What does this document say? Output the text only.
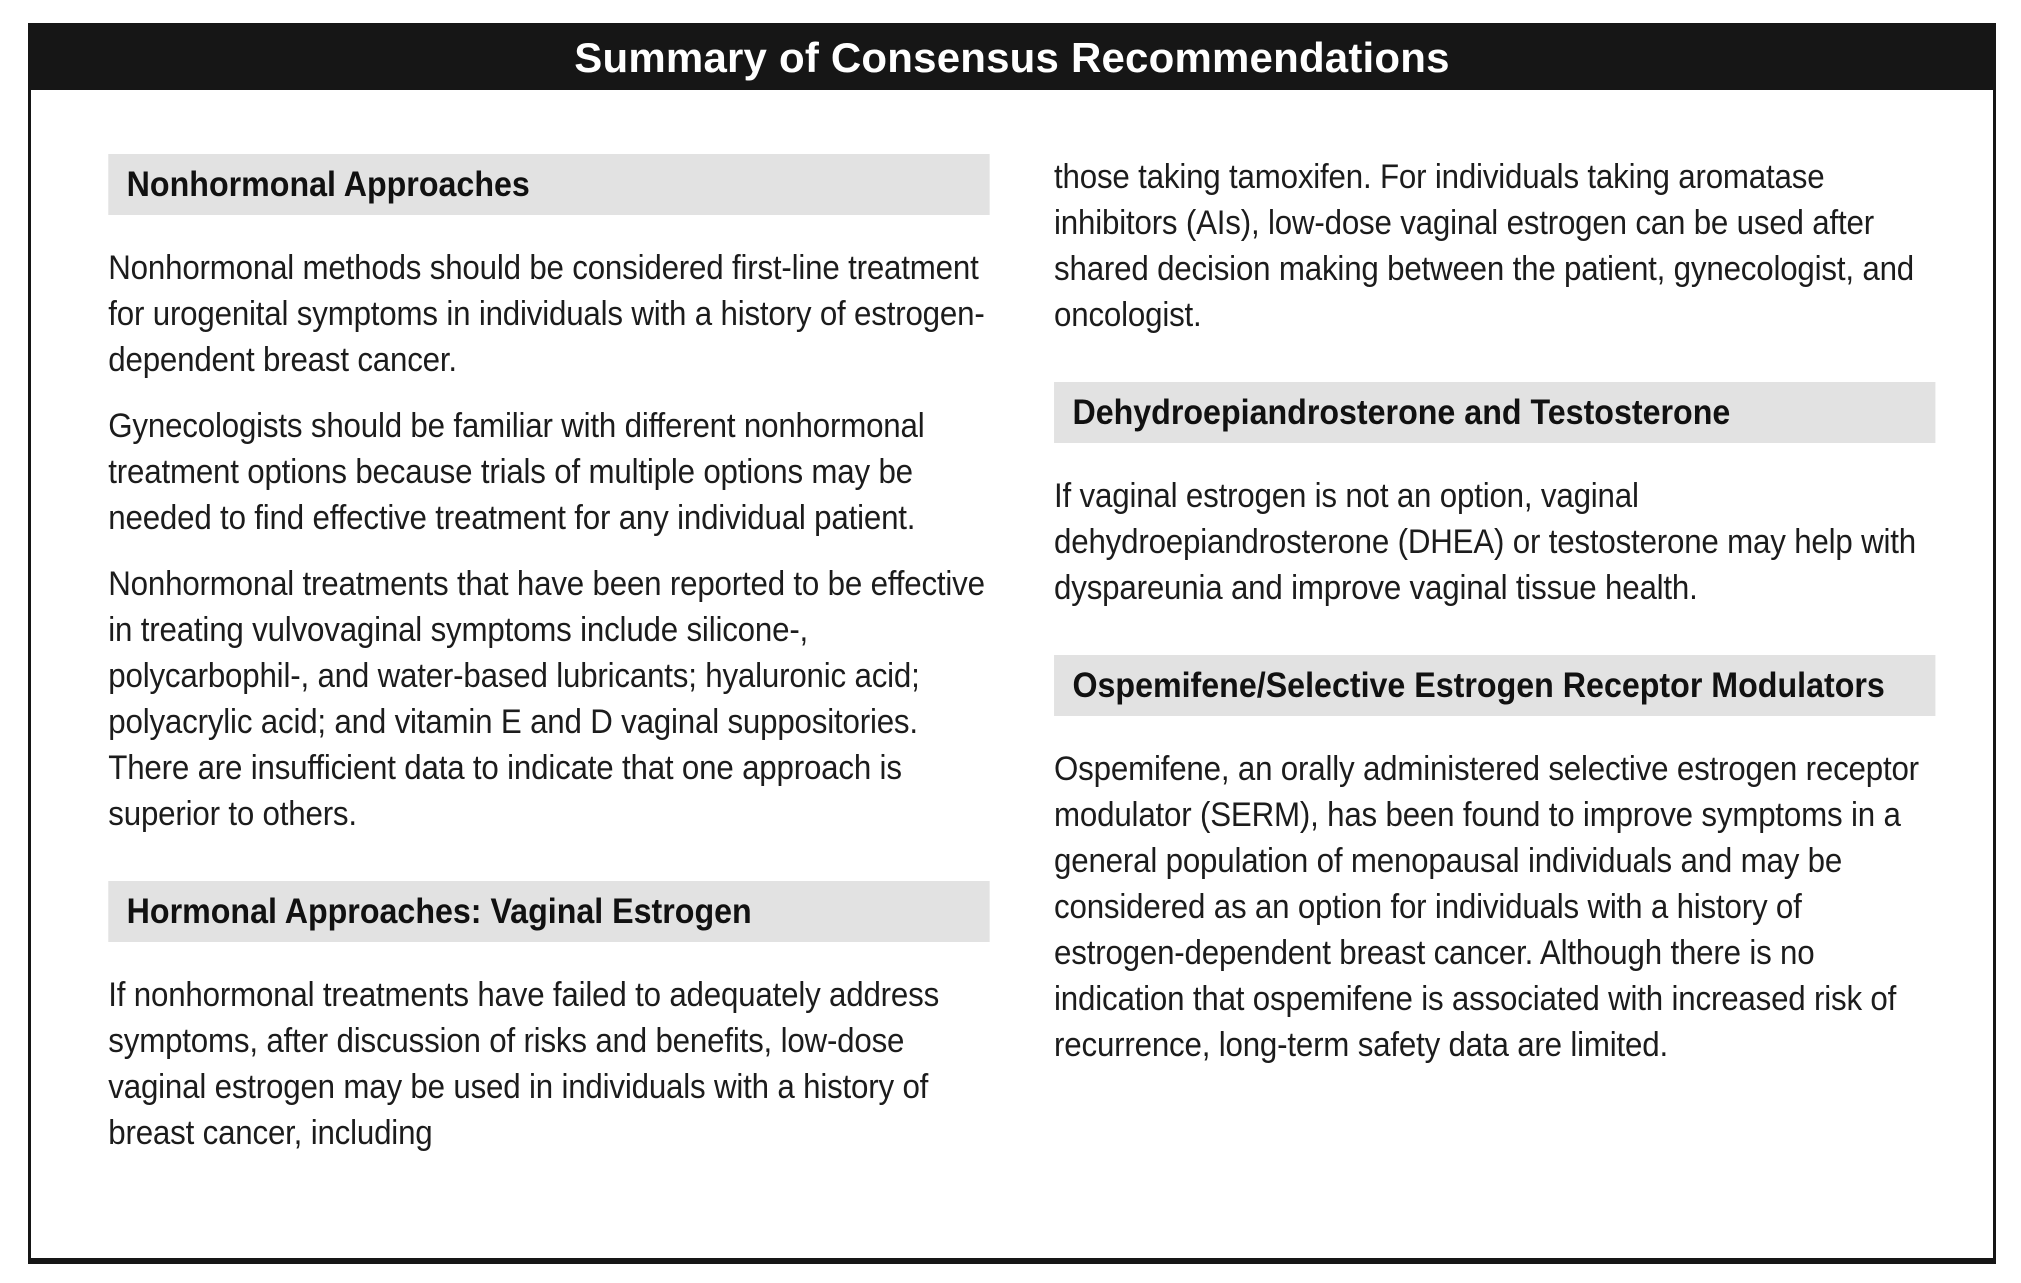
Summary of Consensus Recommendations
Nonhormonal Approaches

Nonhormonal methods should be considered first-line treatment for urogenital symptoms in individuals with a history of estrogen-dependent breast cancer.

Gynecologists should be familiar with different nonhormonal treatment options because trials of multiple options may be needed to find effective treatment for any individual patient.

Nonhormonal treatments that have been reported to be effective in treating vulvovaginal symptoms include silicone-, polycarbophil-, and water-based lubricants; hyaluronic acid; polyacrylic acid; and vitamin E and D vaginal suppositories. There are insufficient data to indicate that one approach is superior to others.

Hormonal Approaches: Vaginal Estrogen

If nonhormonal treatments have failed to adequately address symptoms, after discussion of risks and benefits, low-dose vaginal estrogen may be used in individuals with a history of breast cancer, including

those taking tamoxifen. For individuals taking aromatase inhibitors (AIs), low-dose vaginal estrogen can be used after shared decision making between the patient, gynecologist, and oncologist.

Dehydroepiandrosterone and Testosterone

If vaginal estrogen is not an option, vaginal dehydroepiandrosterone (DHEA) or testosterone may help with dyspareunia and improve vaginal tissue health.

Ospemifene/Selective Estrogen Receptor Modulators

Ospemifene, an orally administered selective estrogen receptor modulator (SERM), has been found to improve symptoms in a general population of menopausal individuals and may be considered as an option for individuals with a history of estrogen-dependent breast cancer. Although there is no indication that ospemifene is associated with increased risk of recurrence, long-term safety data are limited.
